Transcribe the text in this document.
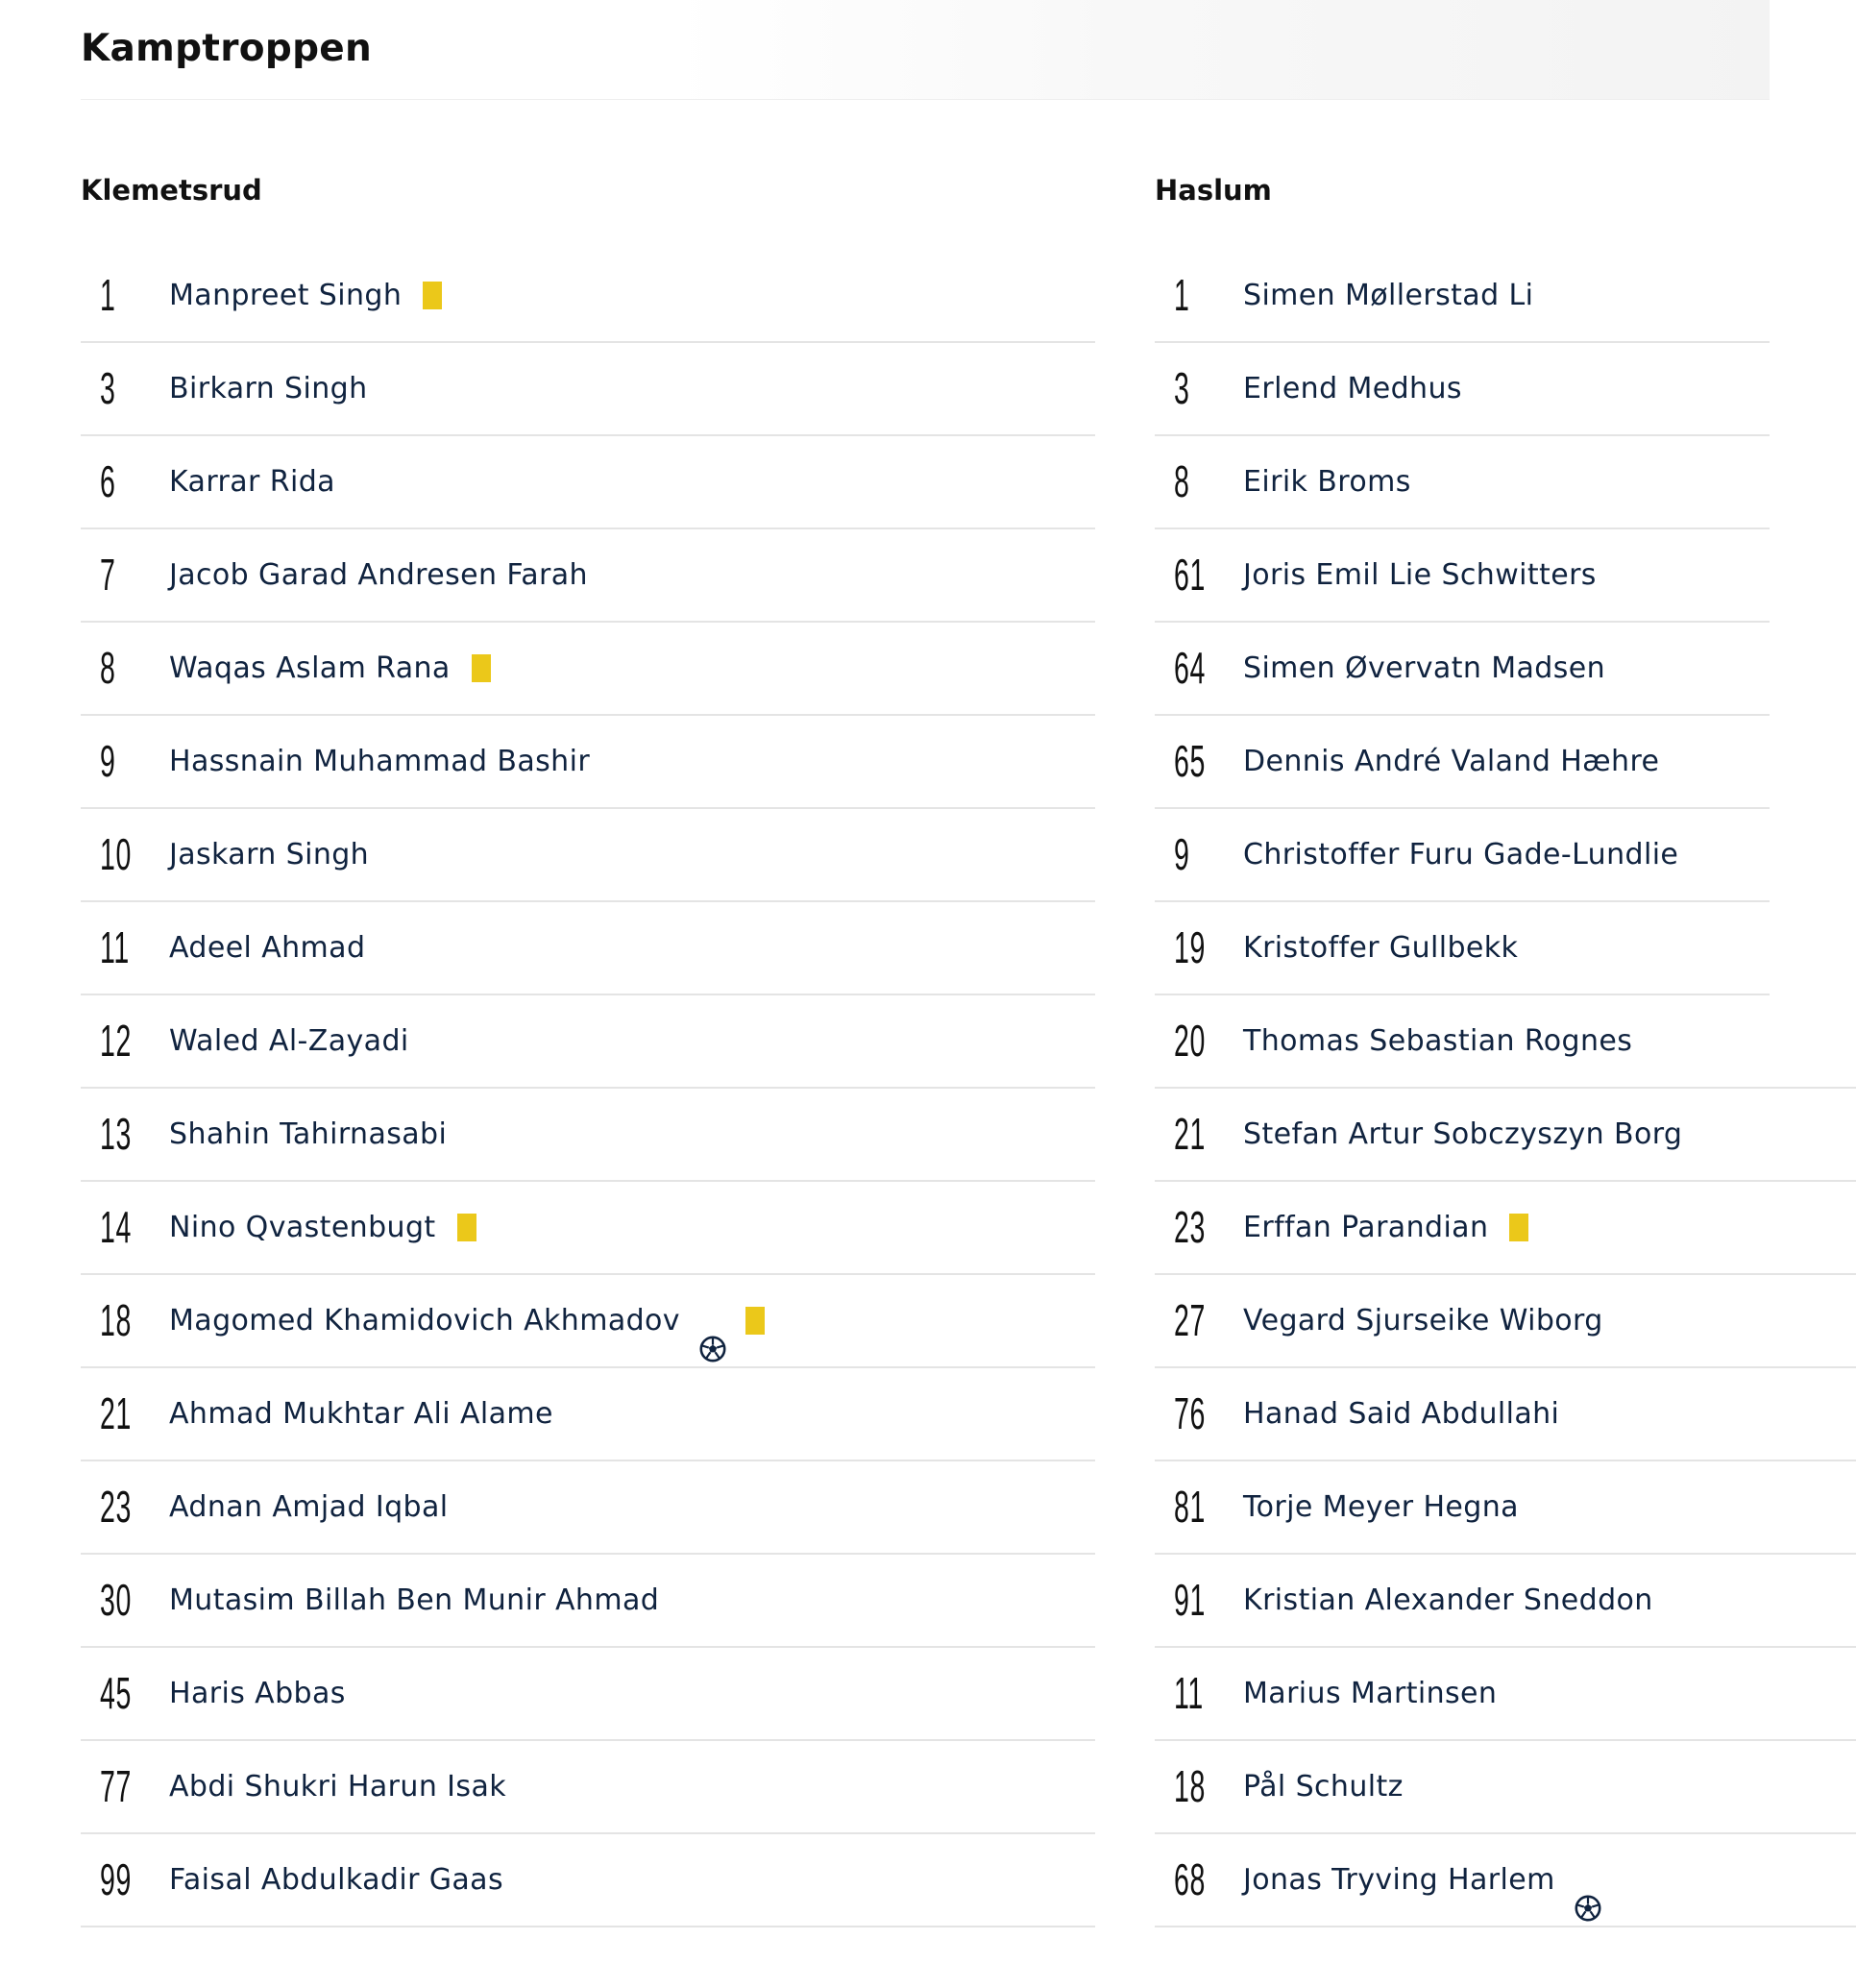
Kamptroppen
Klemetsrud
1 Manpreet Singh
3 Birkarn Singh
6 Karrar Rida
7 Jacob Garad Andresen Farah
8 Waqas Aslam Rana
9 Hassnain Muhammad Bashir
10 Jaskarn Singh
11 Adeel Ahmad
12 Waled Al-Zayadi
13 Shahin Tahirnasabi
14 Nino Qvastenbugt
18 Magomed Khamidovich Akhmadov
21 Ahmad Mukhtar Ali Alame
23 Adnan Amjad Iqbal
30 Mutasim Billah Ben Munir Ahmad
45 Haris Abbas
77 Abdi Shukri Harun Isak
99 Faisal Abdulkadir Gaas
Haslum
1 Simen Møllerstad Li
3 Erlend Medhus
8 Eirik Broms
61 Joris Emil Lie Schwitters
64 Simen Øvervatn Madsen
65 Dennis André Valand Hæhre
9 Christoffer Furu Gade-Lundlie
19 Kristoffer Gullbekk
20 Thomas Sebastian Rognes
21 Stefan Artur Sobczyszyn Borg
23 Erffan Parandian
27 Vegard Sjurseike Wiborg
76 Hanad Said Abdullahi
81 Torje Meyer Hegna
91 Kristian Alexander Sneddon
11 Marius Martinsen
18 Pål Schultz
68 Jonas Tryving Harlem
